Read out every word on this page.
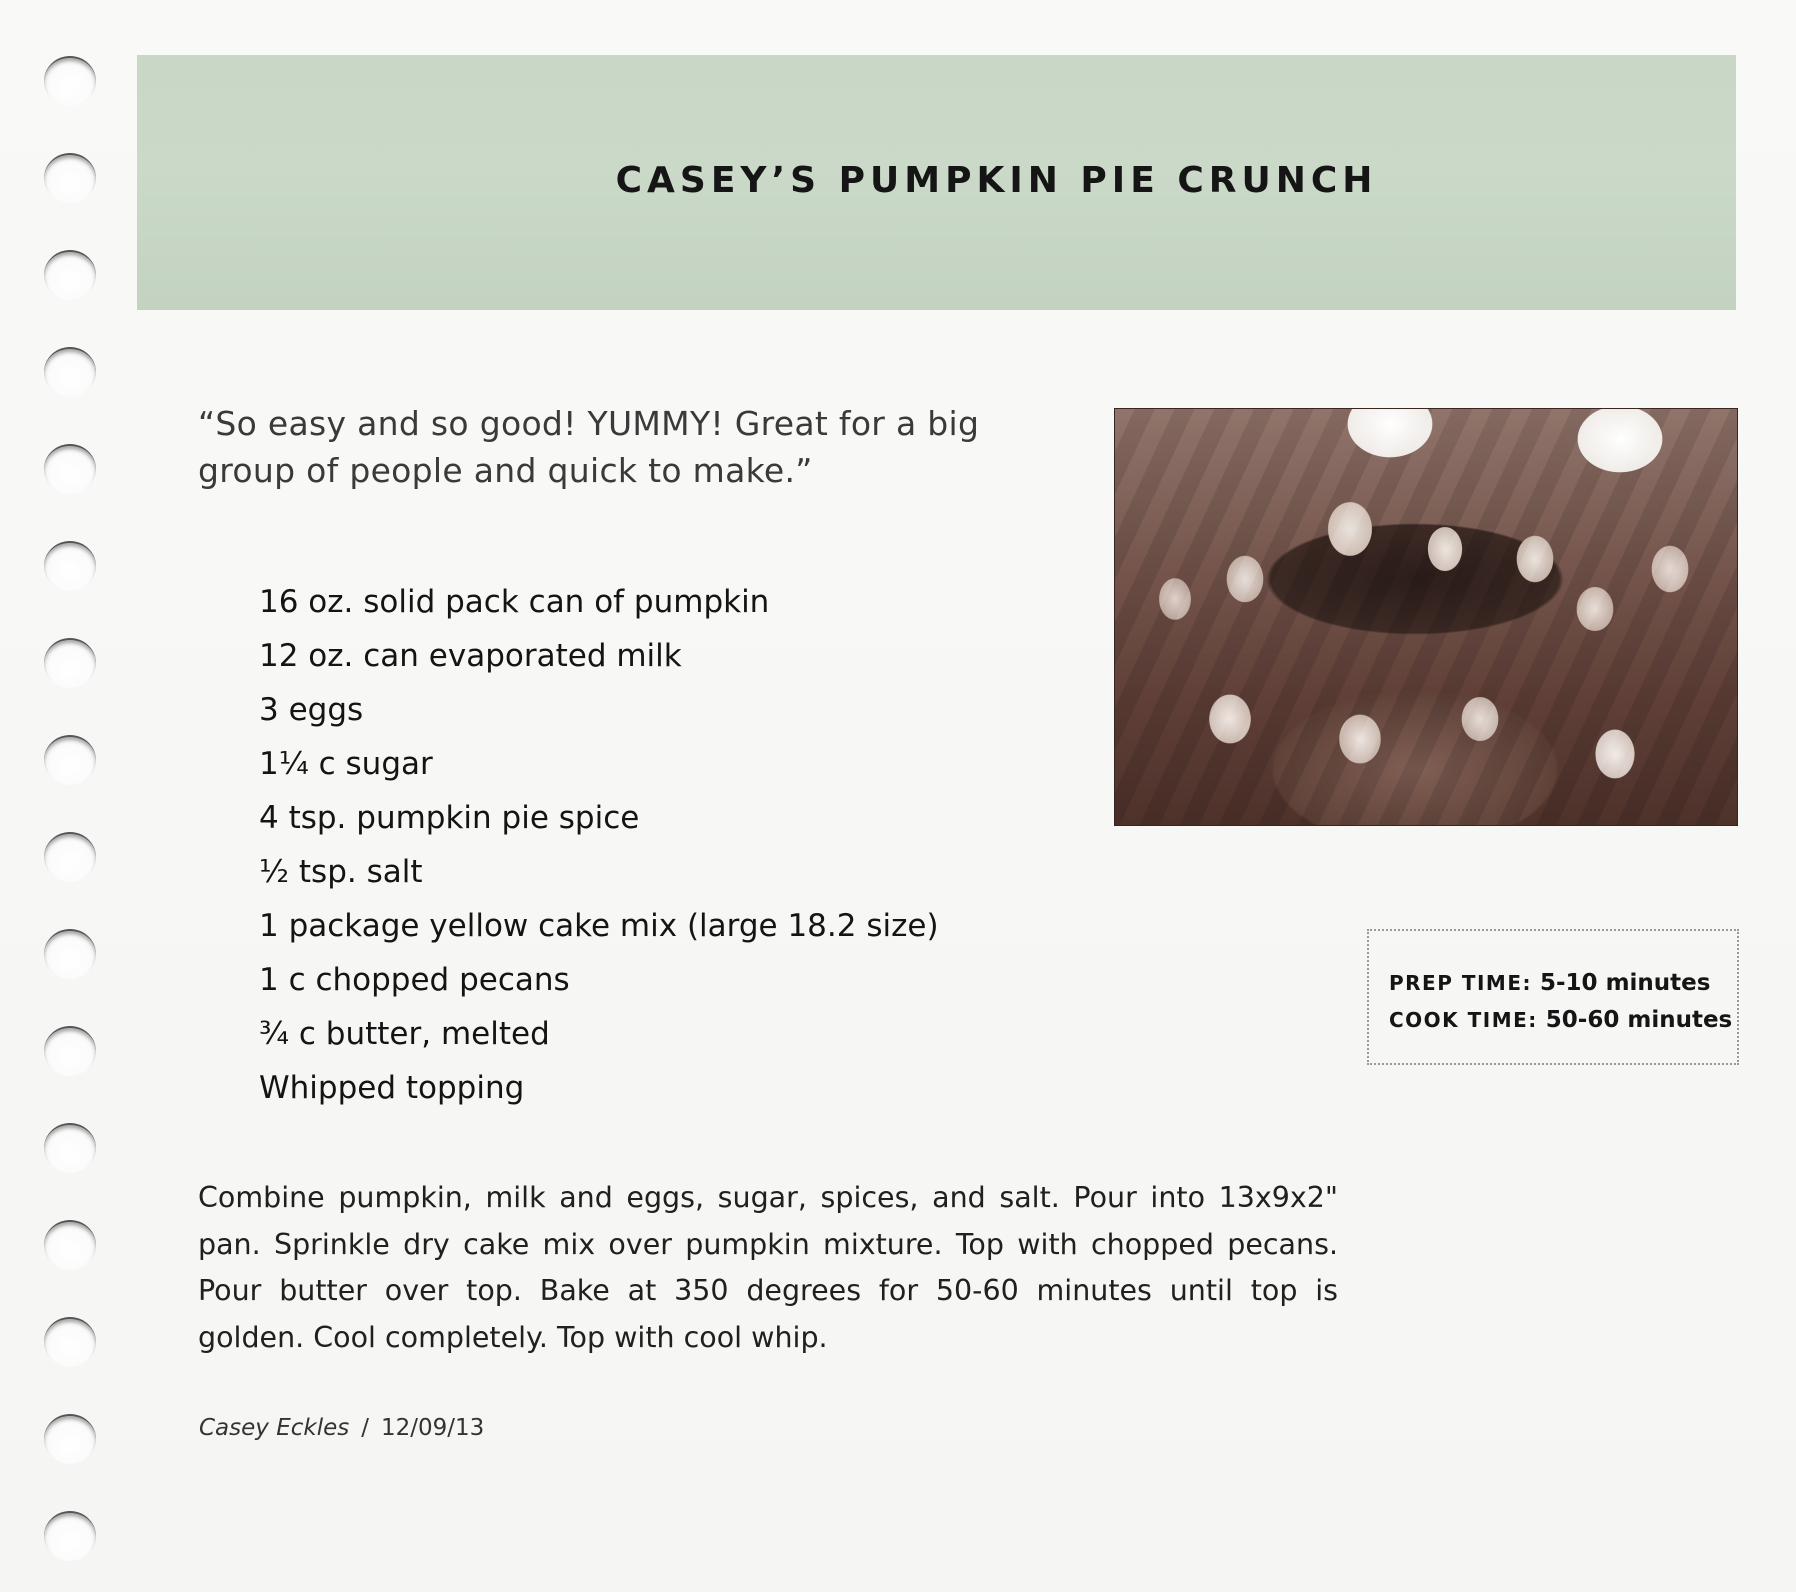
CASEY’S PUMPKIN PIE CRUNCH
“So easy and so good! YUMMY! Great for a big
group of people and quick to make.”
16 oz. solid pack can of pumpkin
12 oz. can evaporated milk
3 eggs
1¼ c sugar
4 tsp. pumpkin pie spice
½ tsp. salt
1 package yellow cake mix (large 18.2 size)
1 c chopped pecans
¾ c butter, melted
Whipped topping
PREP TIME: 5-10 minutes
COOK TIME: 50-60 minutes

Combine pumpkin, milk and eggs, sugar, spices, and salt. Pour into 13x9x2" pan. Sprinkle dry cake mix over pumpkin mixture. Top with chopped pecans. Pour butter over top. Bake at 350 degrees for 50-60 minutes until top is golden. Cool completely. Top with cool whip.

Casey Eckles / 12/09/13
